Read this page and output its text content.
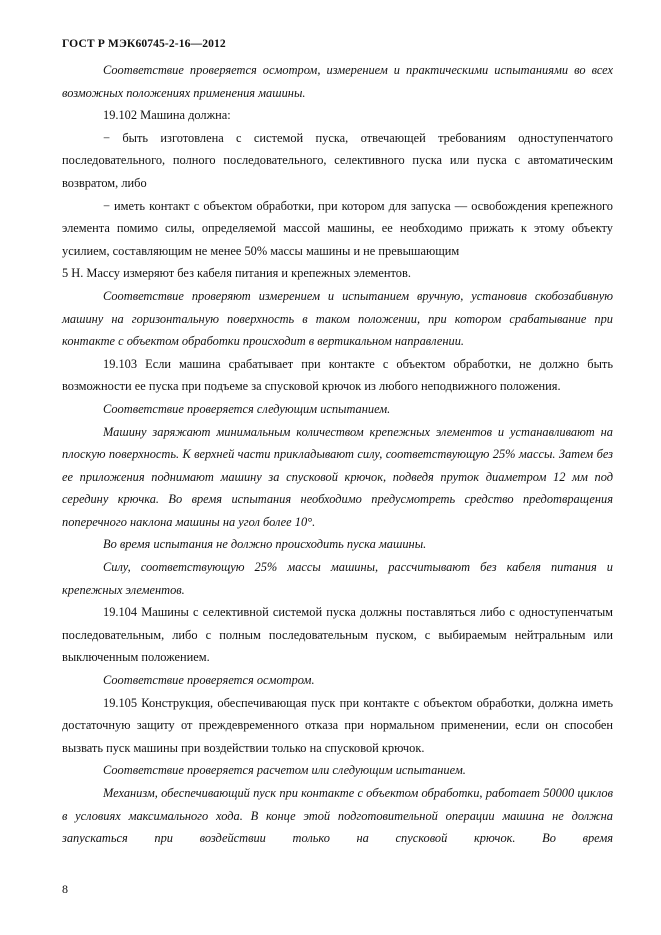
ГОСТ Р МЭК60745-2-16—2012

Соответствие проверяется осмотром, измерением и практическими испытаниями во всех возможных положениях применения машины.

19.102 Машина должна:

− быть изготовлена с системой пуска, отвечающей требованиям одноступенчатого последовательного, полного последовательного, селективного пуска или пуска с автоматическим возвратом, либо

− иметь контакт с объектом обработки, при котором для запуска — освобождения крепежного элемента помимо силы, определяемой массой машины, ее необходимо прижать к этому объекту усилием, составляющим не менее 50% массы машины и не превышающим

5 Н. Массу измеряют без кабеля питания и крепежных элементов.

Соответствие проверяют измерением и испытанием вручную, установив скобозабивную машину на горизонтальную поверхность в таком положении, при котором срабатывание при контакте с объектом обработки происходит в вертикальном направлении.

19.103 Если машина срабатывает при контакте с объектом обработки, не должно быть возможности ее пуска при подъеме за спусковой крючок из любого неподвижного положения.

Соответствие проверяется следующим испытанием.

Машину заряжают минимальным количеством крепежных элементов и устанавливают на плоскую поверхность. К верхней части прикладывают силу, соответствующую 25% массы. Затем без ее приложения поднимают машину за спусковой крючок, подведя пруток диаметром 12 мм под середину крючка. Во время испытания необходимо предусмотреть средство предотвращения поперечного наклона машины на угол более 10°.

Во время испытания не должно происходить пуска машины.

Силу, соответствующую 25% массы машины, рассчитывают без кабеля питания и крепежных элементов.

19.104 Машины с селективной системой пуска должны поставляться либо с одноступенчатым последовательным, либо с полным последовательным пуском, с выбираемым нейтральным или выключенным положением.

Соответствие проверяется осмотром.

19.105 Конструкция, обеспечивающая пуск при контакте с объектом обработки, должна иметь достаточную защиту от преждевременного отказа при нормальном применении, если он способен вызвать пуск машины при воздействии только на спусковой крючок.

Соответствие проверяется расчетом или следующим испытанием.

Механизм, обеспечивающий пуск при контакте с объектом обработки, работает 50000 циклов в условиях максимального хода. В конце этой подготовительной операции машина не должна запускаться при воздействии только на спусковой крючок. Во время

8
